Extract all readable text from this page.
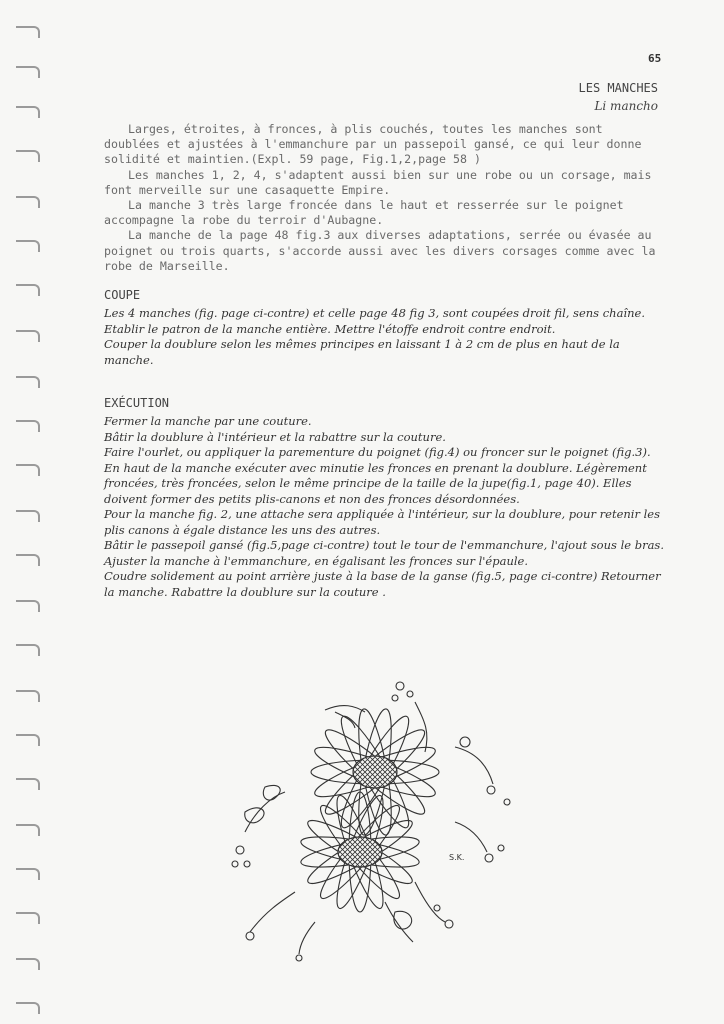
65
LES MANCHES
Li mancho

Larges, étroites, à fronces, à plis couchés, toutes les manches sont doublées et ajustées à l'emmanchure par un passepoil gansé, ce qui leur donne solidité et maintien.(Expl. 59 page, Fig.1,2,page 58 )

Les manches 1, 2, 4, s'adaptent aussi bien sur une robe ou un corsage, mais font merveille sur une casaquette Empire.

La manche 3 très large froncée dans le haut et resserrée sur le poignet accompagne la robe du terroir d'Aubagne.

La manche de la page 48 fig.3 aux diverses adaptations, serrée ou évasée au poignet ou trois quarts, s'accorde aussi avec les divers corsages comme avec la robe de Marseille.

COUPE

Les 4 manches (fig. page ci-contre) et celle page 48 fig 3, sont coupées droit fil, sens chaîne. Etablir le patron de la manche entière. Mettre l'étoffe endroit contre endroit.

Couper la doublure selon les mêmes principes en laissant 1 à 2 cm de plus en haut de la manche.

EXÉCUTION

Fermer la manche par une couture.

Bâtir la doublure à l'intérieur et la rabattre sur la couture.

Faire l'ourlet, ou appliquer la parementure du poignet (fig.4) ou froncer sur le poignet (fig.3).

En haut de la manche exécuter avec minutie les fronces en prenant la doublure. Légèrement froncées, très froncées, selon le même principe de la taille de la jupe(fig.1, page 40). Elles doivent former des petits plis-canons et non des fronces désordonnées.

Pour la manche fig. 2, une attache sera appliquée à l'intérieur, sur la doublure, pour retenir les plis canons à égale distance les uns des autres.

Bâtir le passepoil gansé (fig.5,page ci-contre) tout le tour de l'emmanchure, l'ajout sous le bras.

Ajuster la manche à l'emmanchure, en égalisant les fronces sur l'épaule.

Coudre solidement au point arrière juste à la base de la ganse (fig.5, page ci-contre) Retourner la manche. Rabattre la doublure sur la couture .

S.K.
